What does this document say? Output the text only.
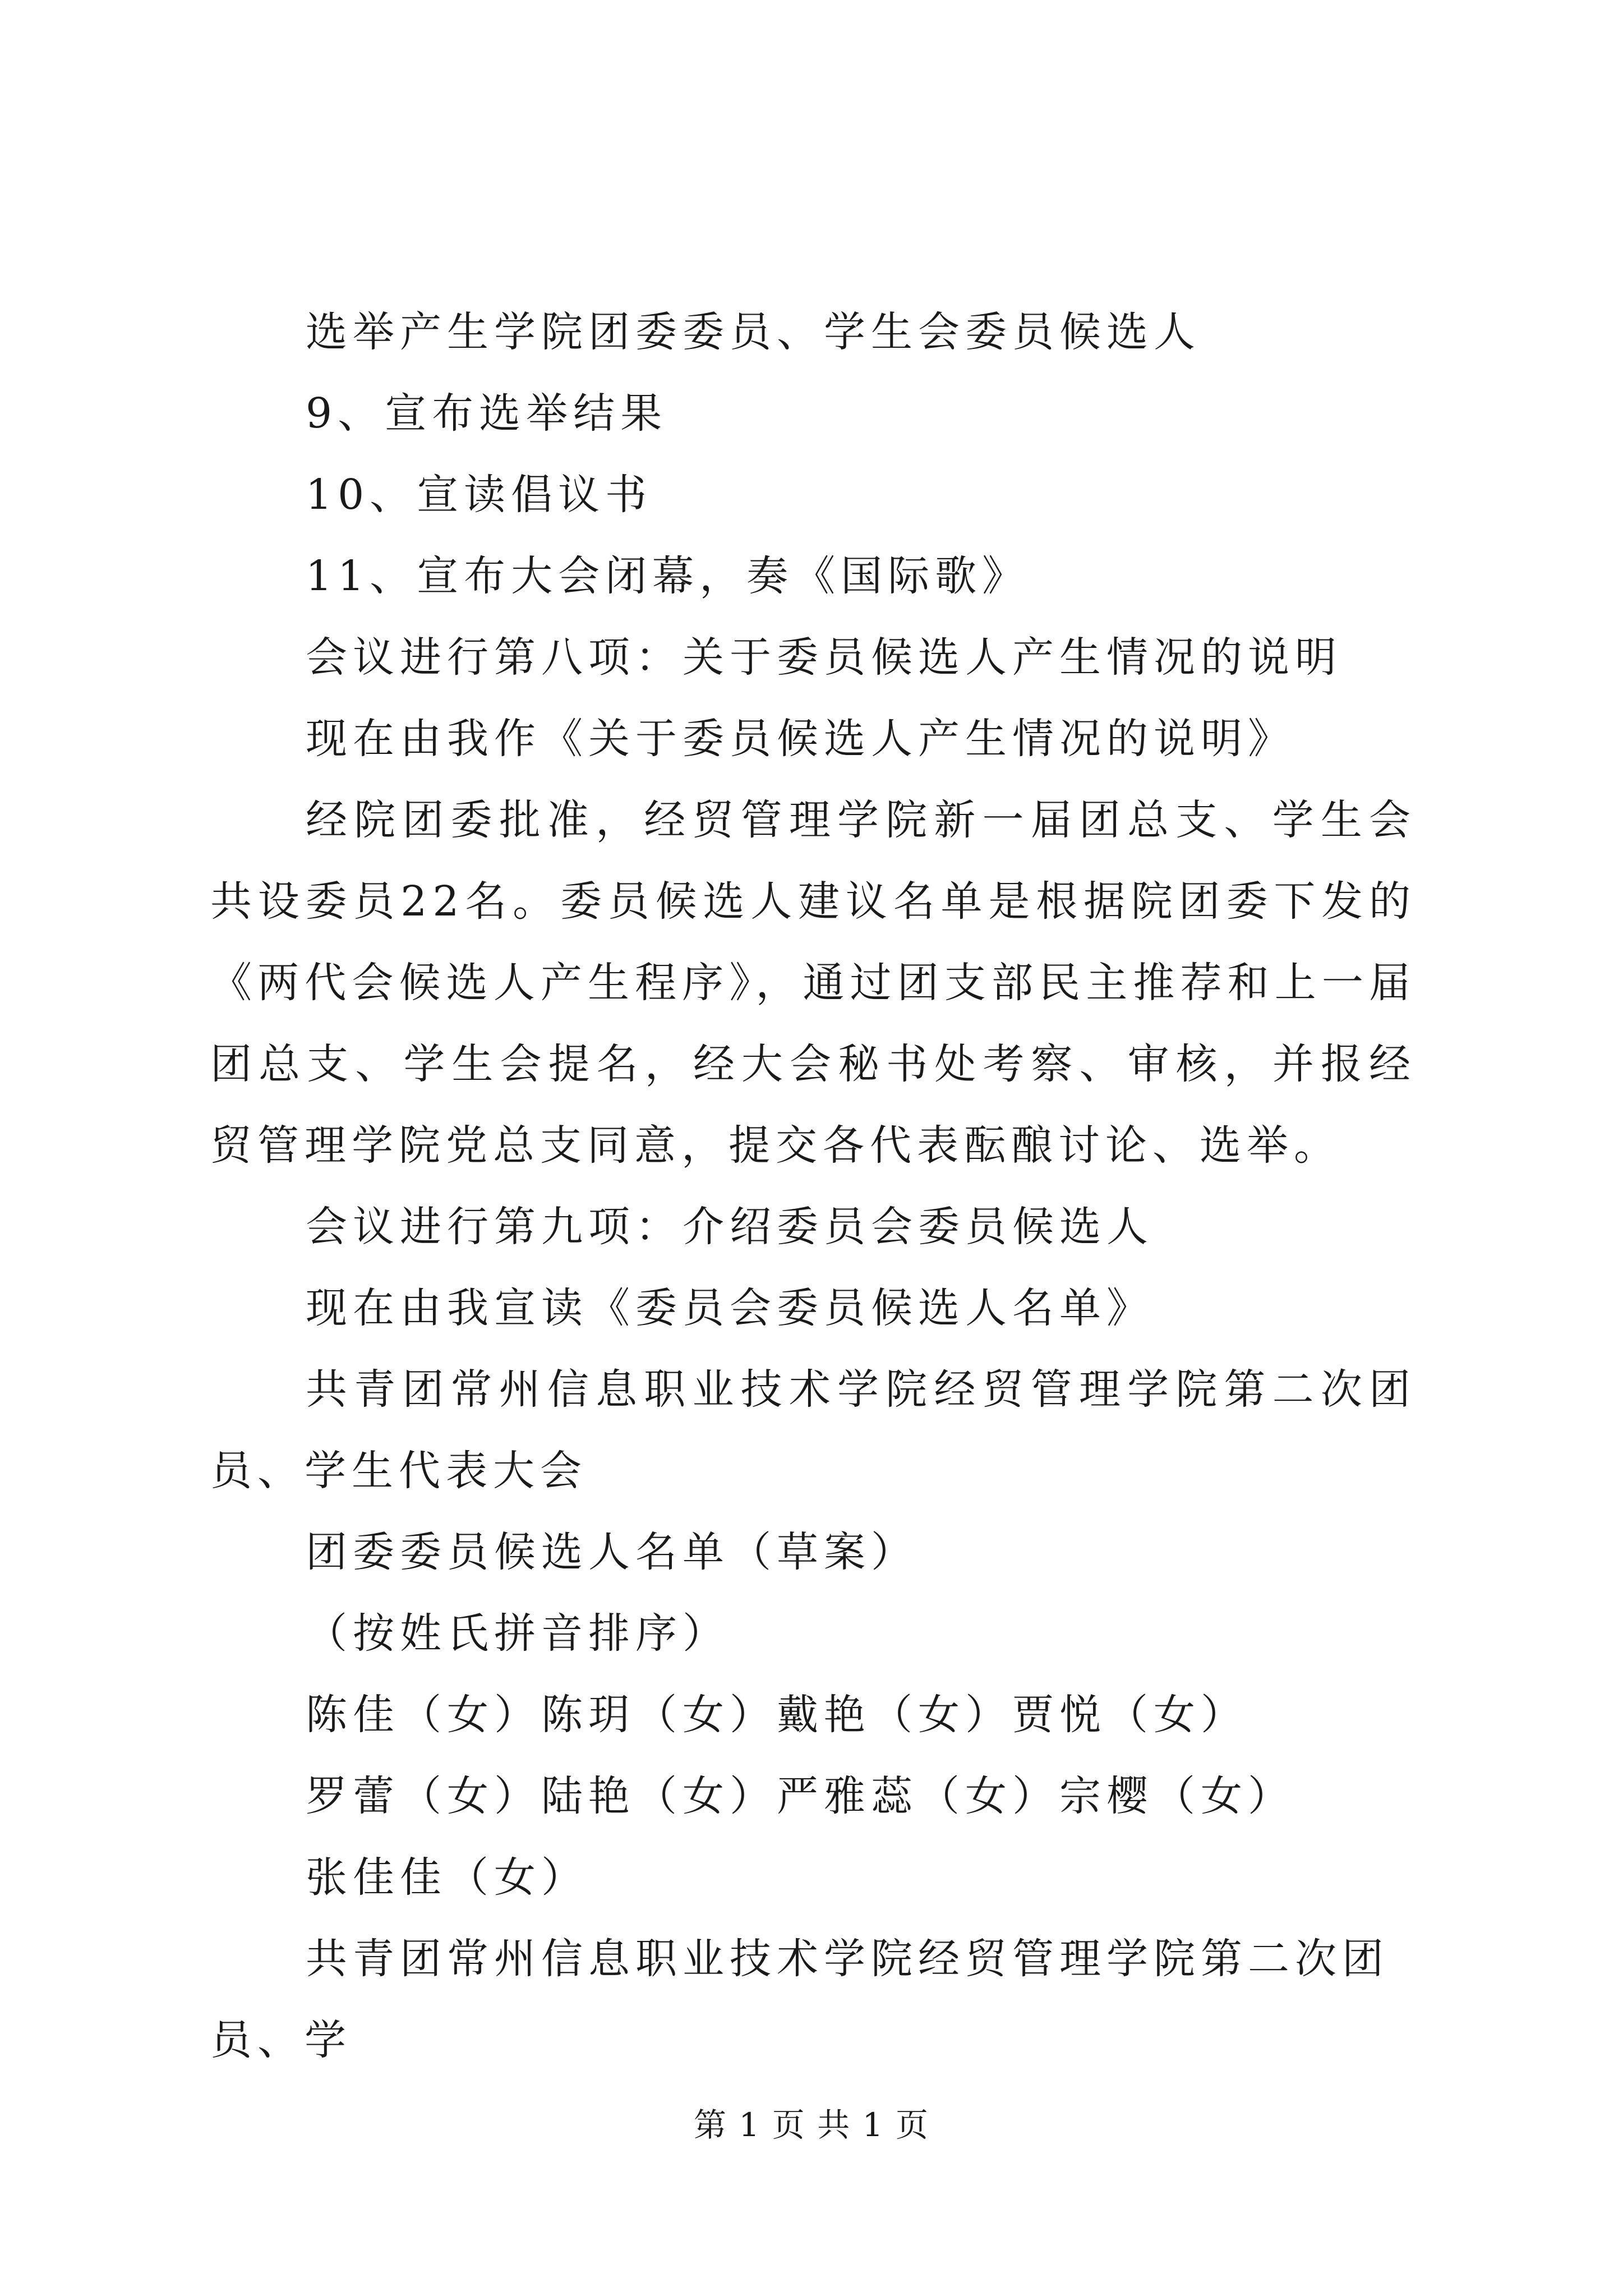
选举产生学院团委委员、学生会委员候选人

9、宣布选举结果

10、宣读倡议书

11、宣布大会闭幕，奏《国际歌》

会议进行第八项：关于委员候选人产生情况的说明

现在由我作《关于委员候选人产生情况的说明》

经院团委批准，经贸管理学院新一届团总支、学生会共设委员22名。委员候选人建议名单是根据院团委下发的《两代会候选人产生程序》，通过团支部民主推荐和上一届团总支、学生会提名，经大会秘书处考察、审核，并报经贸管理学院党总支同意，提交各代表酝酿讨论、选举。

会议进行第九项：介绍委员会委员候选人

现在由我宣读《委员会委员候选人名单》

共青团常州信息职业技术学院经贸管理学院第二次团员、学生代表大会

团委委员候选人名单（草案）

（按姓氏拼音排序）

陈佳（女）陈玥（女）戴艳（女）贾悦（女）

罗蕾（女）陆艳（女）严雅蕊（女）宗樱（女）

张佳佳（女）

共青团常州信息职业技术学院经贸管理学院第二次团员、学

第 1 页 共 1 页
